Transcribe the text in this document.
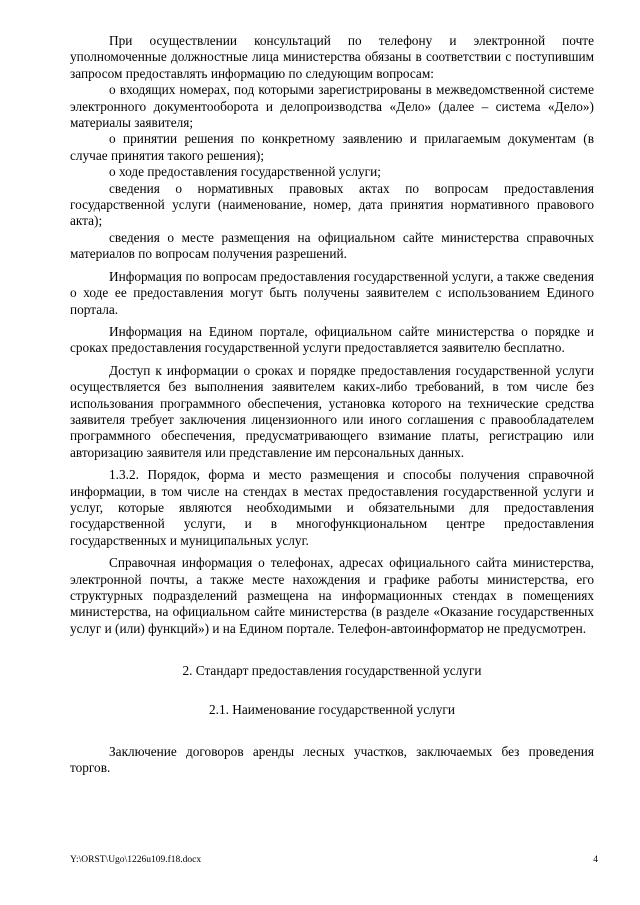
При осуществлении консультаций по телефону и электронной почте уполномоченные должностные лица министерства обязаны в соответствии с поступившим запросом предоставлять информацию по следующим вопросам:

о входящих номерах, под которыми зарегистрированы в межведомственной системе электронного документооборота и делопроизводства «Дело» (далее – система «Дело») материалы заявителя;

о принятии решения по конкретному заявлению и прилагаемым документам (в случае принятия такого решения);

о ходе предоставления государственной услуги;

сведения о нормативных правовых актах по вопросам предоставления государственной услуги (наименование, номер, дата принятия нормативного правового акта);

сведения о месте размещения на официальном сайте министерства справочных материалов по вопросам получения разрешений.

Информация по вопросам предоставления государственной услуги, а также сведения о ходе ее предоставления могут быть получены заявителем с использованием Единого портала.

Информация на Едином портале, официальном сайте министерства о порядке и сроках предоставления государственной услуги предоставляется заявителю бесплатно.

Доступ к информации о сроках и порядке предоставления государственной услуги осуществляется без выполнения заявителем каких-либо требований, в том числе без использования программного обеспечения, установка которого на технические средства заявителя требует заключения лицензионного или иного соглашения с правообладателем программного обеспечения, предусматривающего взимание платы, регистрацию или авторизацию заявителя или представление им персональных данных.

1.3.2. Порядок, форма и место размещения и способы получения справочной информации, в том числе на стендах в местах предоставления государственной услуги и услуг, которые являются необходимыми и обязательными для предоставления государственной услуги, и в многофункциональном центре предоставления государственных и муниципальных услуг.

Справочная информация о телефонах, адресах официального сайта министерства, электронной почты, а также месте нахождения и графике работы министерства, его структурных подразделений размещена на информационных стендах в помещениях министерства, на официальном сайте министерства (в разделе «Оказание государственных услуг и (или) функций») и на Едином портале. Телефон-автоинформатор не предусмотрен.

2. Стандарт предоставления государственной услуги

2.1. Наименование государственной услуги

Заключение договоров аренды лесных участков, заключаемых без проведения торгов.

Y:\ORST\Ugo\1226u109.f18.docx	4
